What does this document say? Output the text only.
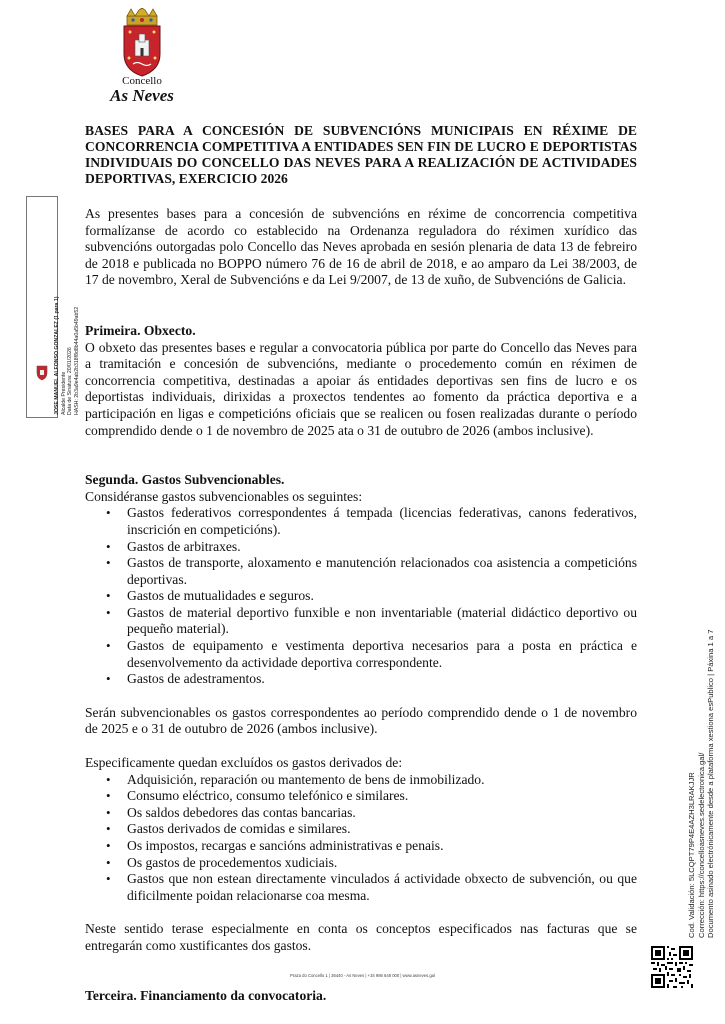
Concello
As Neves
JOSE MANUEL ALFONSO GONZALEZ (1 para 1) Alcalde Presidente Data de Sinatura: 20/01/2026 HASH: 2b3a9e4ab2b318f8d8b44a0a5b49ab52
Cod. Validación: 5LCQPT79P4E4AZH3LRAKJJR Corrección: https://concelloasneves.sedelectronica.gal/ Documento asinado electrónicamente desde a plataforma xestiona esPublico | Páxina 1 a 7

BASES PARA A CONCESIÓN DE SUBVENCIÓNS MUNICIPAIS EN RÉXIME DE CONCORRENCIA COMPETITIVA A ENTIDADES SEN FIN DE LUCRO E DEPORTISTAS INDIVIDUAIS DO CONCELLO DAS NEVES PARA A REALIZACIÓN DE ACTIVIDADES DEPORTIVAS, EXERCICIO 2026

As presentes bases para a concesión de subvencións en réxime de concorrencia competitiva formalízanse de acordo co establecido na Ordenanza reguladora do réximen xurídico das subvencións outorgadas polo Concello das Neves aprobada en sesión plenaria de data 13 de febreiro de 2018 e publicada no BOPPO número 76 de 16 de abril de 2018, e ao amparo da Lei 38/2003, de 17 de novembro, Xeral de Subvencións e da Lei 9/2007, de 13 de xuño, de Subvencións de Galicia.

Primeira. Obxecto.

O obxeto das presentes bases e regular a convocatoria pública por parte do Concello das Neves para a tramitación e concesión de subvencións, mediante o procedemento común en réximen de concorrencia competitiva, destinadas a apoiar ás entidades deportivas sen fins de lucro e os deportistas individuais, dirixidas a proxectos tendentes ao fomento da práctica deportiva e a participación en ligas e competicións oficiais que se realicen ou fosen realizadas durante o período comprendido dende o 1 de novembro de 2025 ata o 31 de outubro de 2026 (ambos inclusive).

Segunda. Gastos Subvencionables.

Considéranse gastos subvencionables os seguintes:

• Gastos federativos correspondentes á tempada (licencias federativas, canons federativos, inscrición en competicións).
• Gastos de arbitraxes.
• Gastos de transporte, aloxamento e manutención relacionados coa asistencia a competicións deportivas.
• Gastos de mutualidades e seguros.
• Gastos de material deportivo funxible e non inventariable (material didáctico deportivo ou pequeño material).
• Gastos de equipamento e vestimenta deportiva necesarios para a posta en práctica e desenvolvemento da actividade deportiva correspondente.
• Gastos de adestramentos.

Serán subvencionables os gastos correspondentes ao período comprendido dende o 1 de novembro de 2025 e o 31 de outubro de 2026 (ambos inclusive).

Especificamente quedan excluídos os gastos derivados de:

• Adquisición, reparación ou mantemento de bens de inmobilizado.
• Consumo eléctrico, consumo telefónico e similares.
• Os saldos debedores das contas bancarias.
• Gastos derivados de comidas e similares.
• Os impostos, recargas e sancións administrativas e penais.
• Os gastos de procedementos xudiciais.
• Gastos que non estean directamente vinculados á actividade obxecto de subvención, ou que dificilmente poidan relacionarse coa mesma.

Neste sentido terase especialmente en conta os conceptos especificados nas facturas que se entregarán como xustificantes dos gastos.

Terceira. Financiamento da convocatoria.

Praza do Concello 1 | 36440 - As Neves | +34 986 648 000 | www.asneves.gal
